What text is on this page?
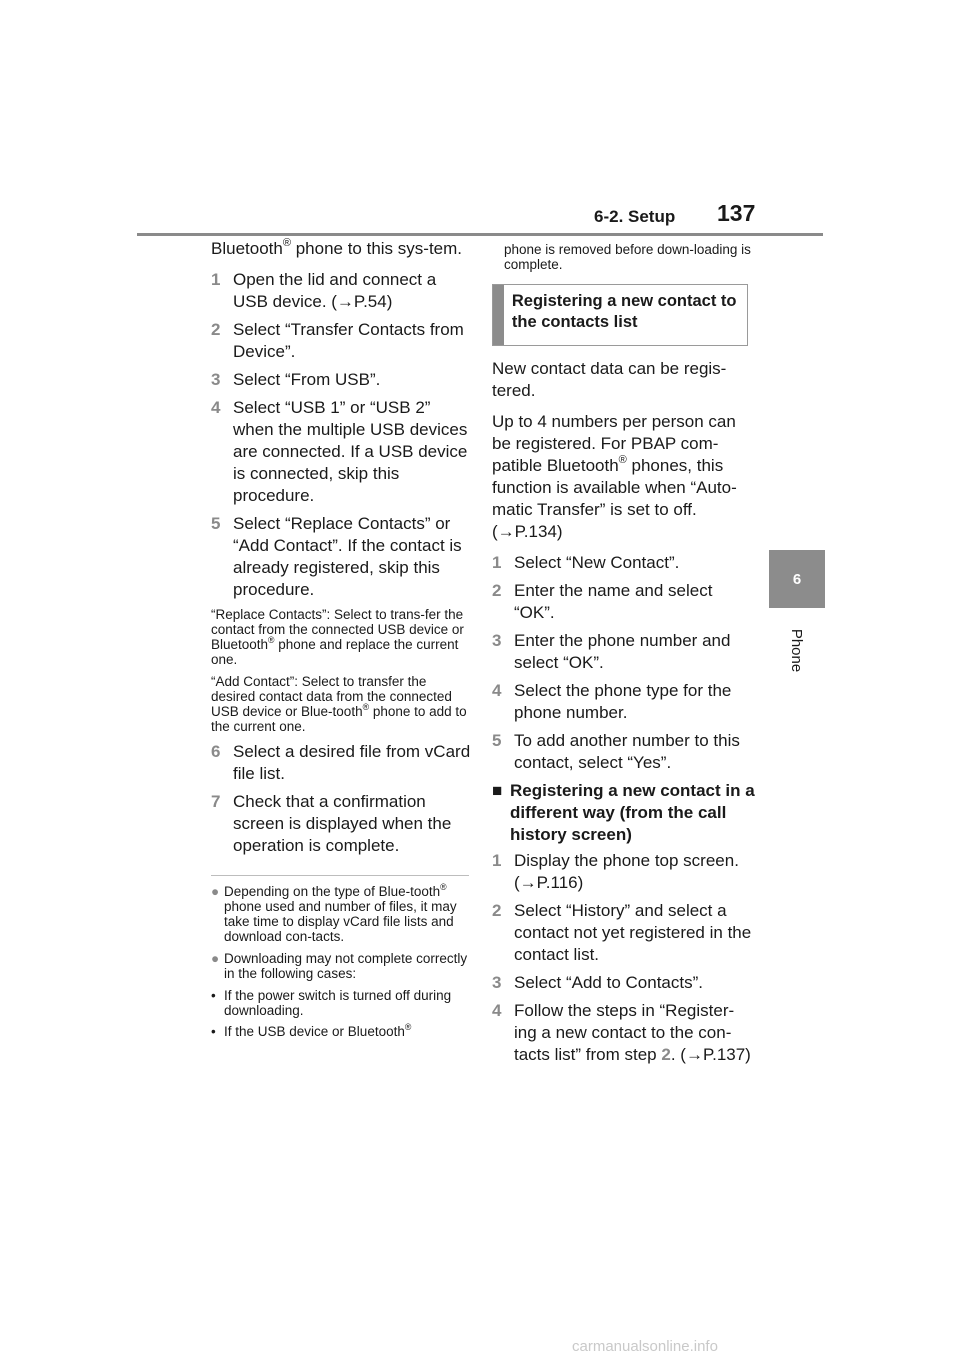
6-2. Setup 137
6
Phone

Bluetooth® phone to this sys-tem.

1 Open the lid and connect a USB device. (→P.54)
2 Select “Transfer Contacts from Device”.
3 Select “From USB”.
4 Select “USB 1” or “USB 2” when the multiple USB devices are connected. If a USB device is connected, skip this procedure.
5 Select “Replace Contacts” or “Add Contact”. If the contact is already registered, skip this procedure.

“Replace Contacts”: Select to trans-fer the contact from the connected USB device or Bluetooth® phone and replace the current one.

“Add Contact”: Select to transfer the desired contact data from the connected USB device or Blue-tooth® phone to add to the current one.

6 Select a desired file from vCard file list.
7 Check that a confirmation screen is displayed when the operation is complete.
● Depending on the type of Blue-tooth® phone used and number of files, it may take time to display vCard file lists and download con-tacts.
● Downloading may not complete correctly in the following cases:
• If the power switch is turned off during downloading.
• If the USB device or Bluetooth®

phone is removed before down-loading is complete.

Registering a new contact to the contacts list

New contact data can be regis-tered.

Up to 4 numbers per person can be registered. For PBAP com-patible Bluetooth® phones, this function is available when “Auto-matic Transfer” is set to off. (→P.134)

1 Select “New Contact”.
2 Enter the name and select “OK”.
3 Enter the phone number and select “OK”.
4 Select the phone type for the phone number.
5 To add another number to this contact, select “Yes”.
■ Registering a new contact in a different way (from the call history screen)
1 Display the phone top screen. (→P.116)
2 Select “History” and select a contact not yet registered in the contact list.
3 Select “Add to Contacts”.
4 Follow the steps in “Register-ing a new contact to the con-tacts list” from step 2. (→P.137)
carmanualsonline.info
